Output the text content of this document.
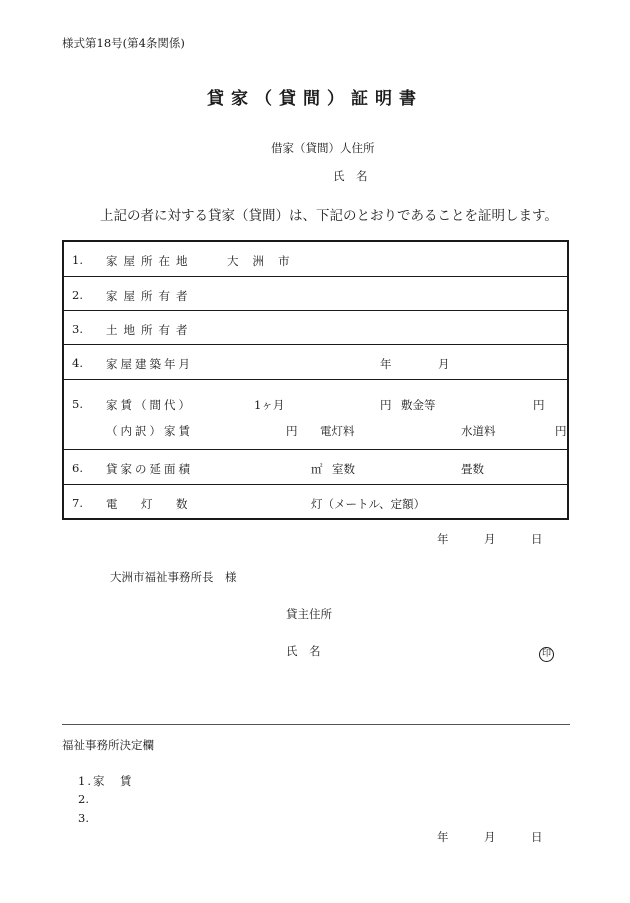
様式第18号(第4条関係)
貸家（貸間）証明書
借家（貸間）人住所
氏　名
上記の者に対する貸家（貸間）は、下記のとおりであることを証明します。
1. 家屋所在地	大洲市
2. 家屋所有者
3. 土地所有者
4. 家屋建築年月	年	月
5. 家賃（間代）	1ヶ月	円 敷金等	円
（内訳）家賃	円 電灯料	水道料	円
6. 貸家の延面積	㎡ 室数	畳数
7. 電　灯　数	灯（メートル、定額）
年	月	日
大洲市福祉事務所長　様
貸主住所
氏　名	印
福祉事務所決定欄
1.家　賃
2.
3.
年	月	日
